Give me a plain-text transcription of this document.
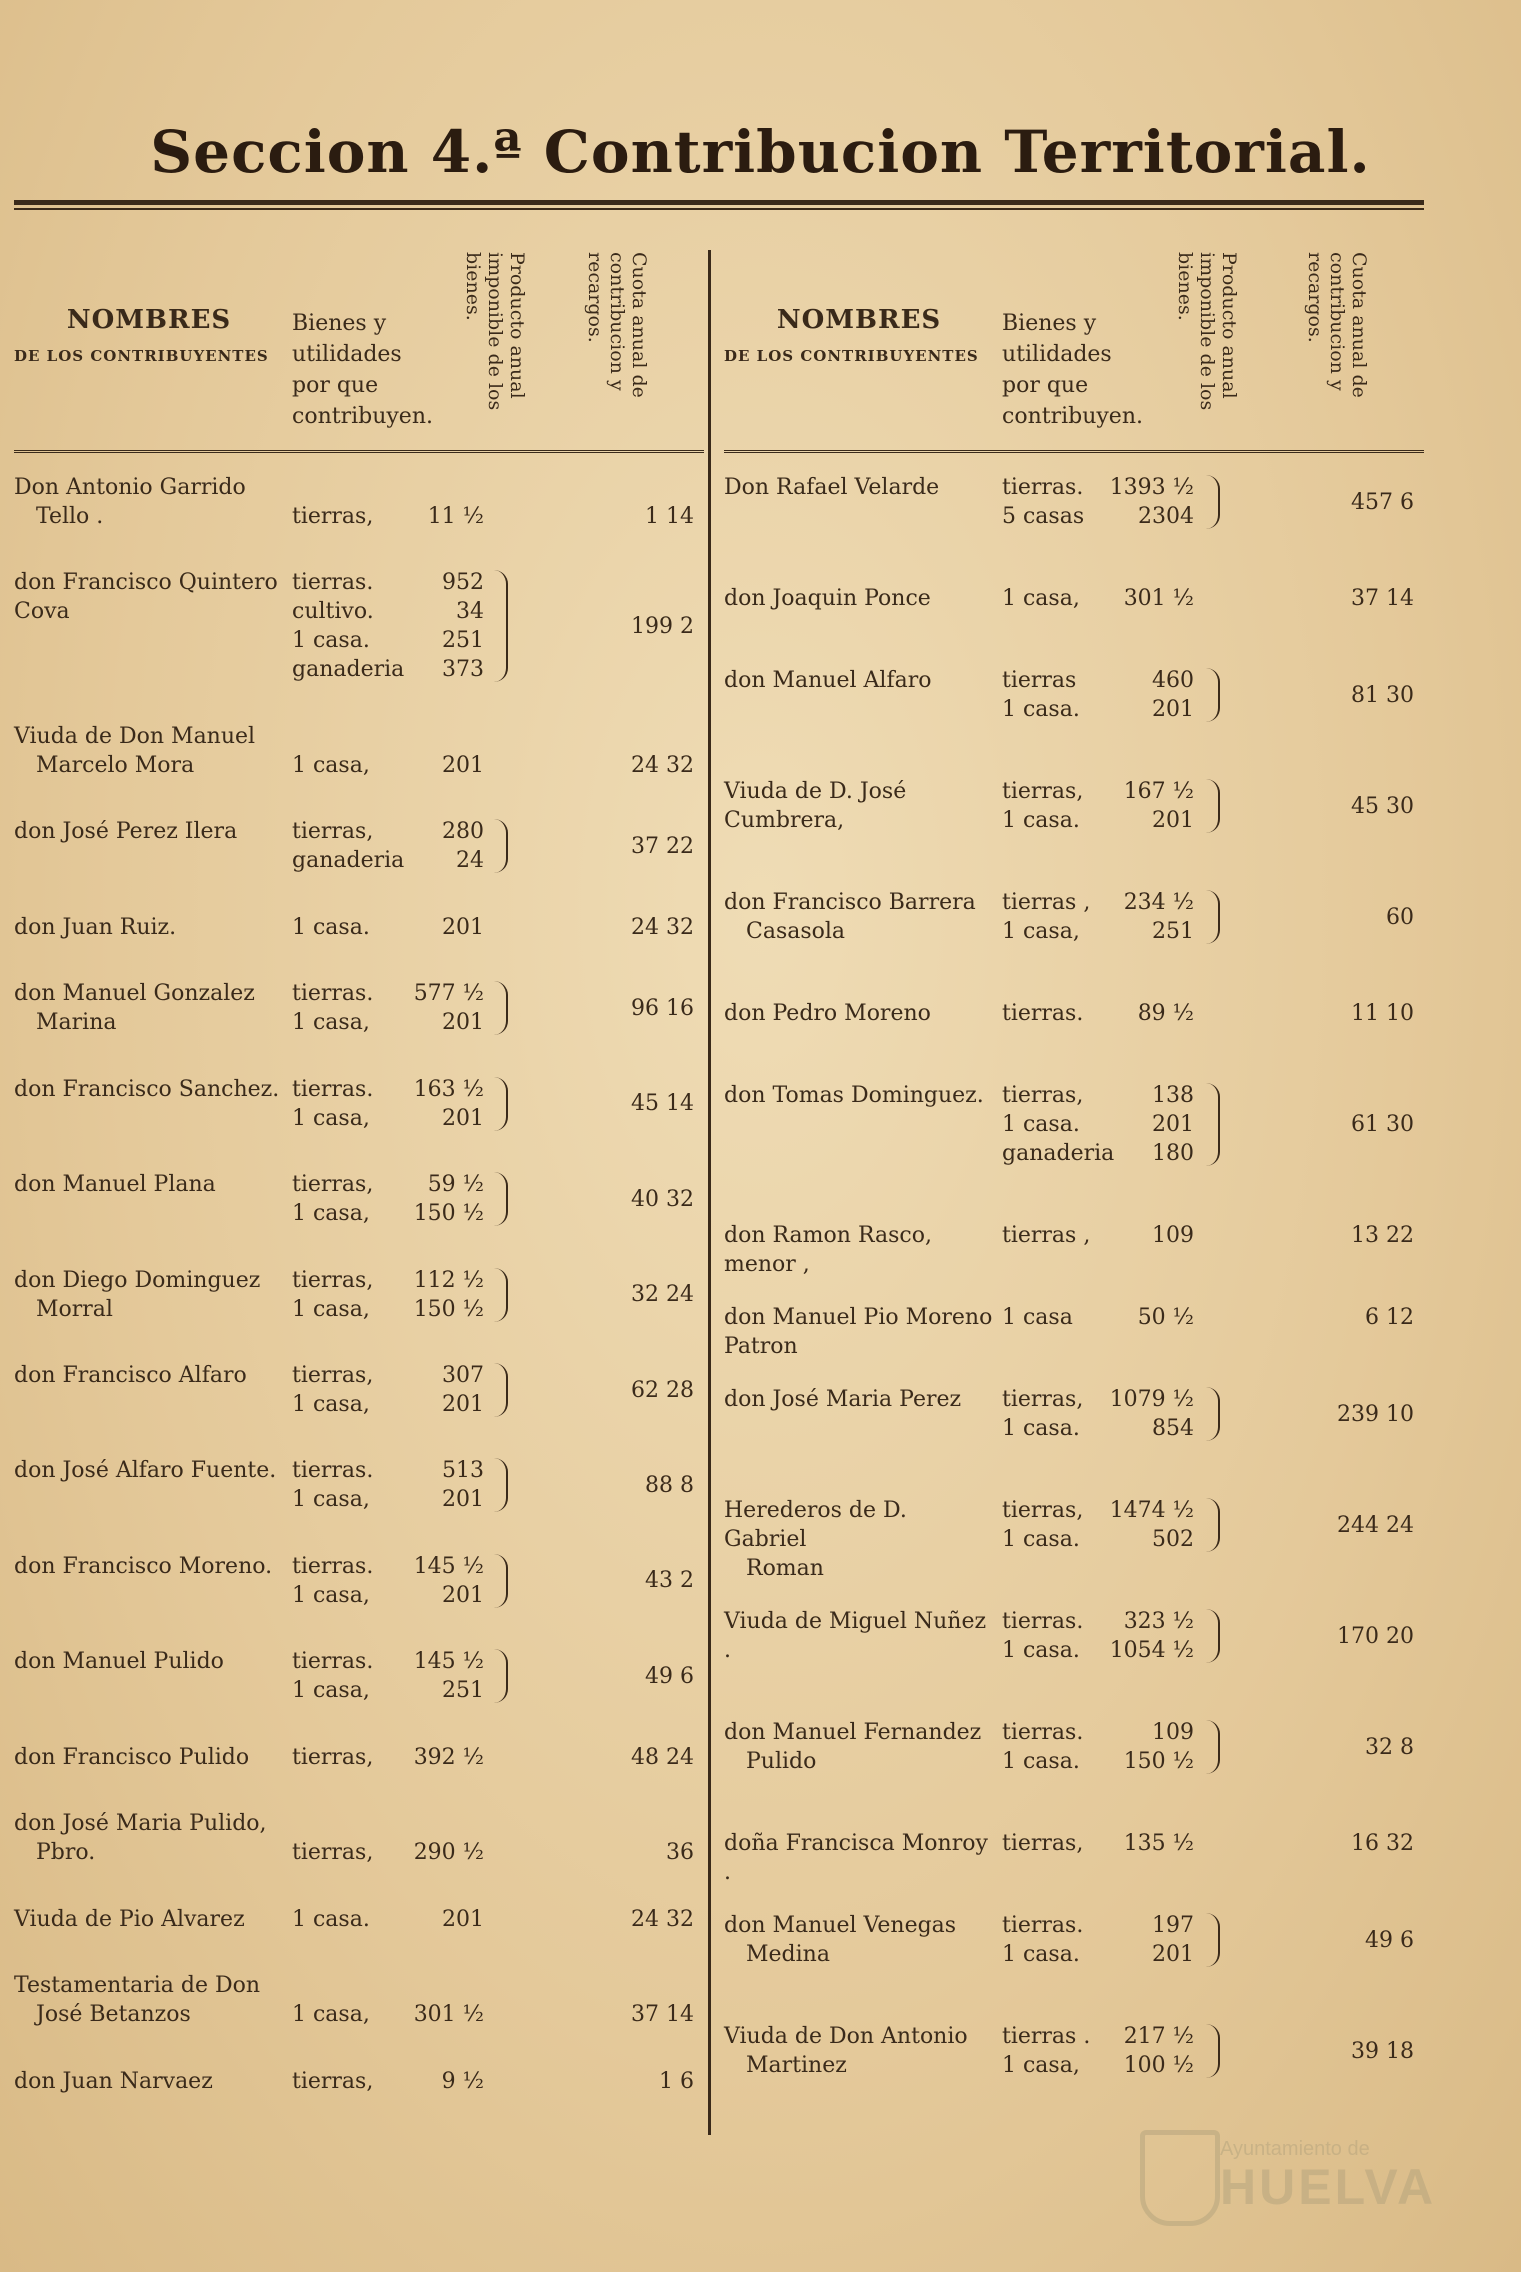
Seccion 4.ª Contribucion Territorial.
NOMBRES
DE LOS CONTRIBUYENTES
Bienes y utilidades por que contribuyen.
Producto anual imponible de los bienes.	Cuota anual de contribucion y recargos.
Don Antonio Garrido
Tello .	tierras,	11 ½	1 14
don Francisco Quintero Cova
tierras.	952
cultivo.	34
1 casa.	251
ganaderia	373
199 2
Viuda de Don Manuel
Marcelo Mora	1 casa,	201	24 32
don José Perez Ilera	tierras,	280
ganaderia	24
37 22
don Juan Ruiz.	1 casa.	201	24 32
don Manuel Gonzalez
Marina
tierras.	577 ½
1 casa,	201
96 16
don Francisco Sanchez. tierras.	163 ½
1 casa,	201
45 14
don Manuel Plana	tierras,	59 ½
1 casa,	150 ½
40 32
don Diego Dominguez
Morral
tierras,	112 ½
1 casa,	150 ½
32 24
don Francisco Alfaro	tierras,	307
1 casa,	201
62 28
don José Alfaro Fuente. tierras.	513
1 casa,	201
88 8
don Francisco Moreno. tierras.	145 ½
1 casa,	201
43 2
don Manuel Pulido	tierras.	145 ½
1 casa,	251
49 6
don Francisco Pulido	tierras,	392 ½	48 24
don José Maria Pulido,
Pbro.	tierras,	290 ½	36
Viuda de Pio Alvarez	1 casa.	201	24 32
Testamentaria de Don
José Betanzos	1 casa,	301 ½	37 14
don Juan Narvaez	tierras,	9 ½	1 6
NOMBRES
DE LOS CONTRIBUYENTES
Bienes y utilidades por que contribuyen.
Producto anual imponible de los bienes.	Cuota anual de contribucion y recargos.
Don Rafael Velarde	tierras.	1393 ½
5 casas	2304
457 6
don Joaquin Ponce	1 casa,	301 ½	37 14
don Manuel Alfaro	tierras	460
1 casa.	201
81 30
Viuda de D. José Cumbrera,
tierras,	167 ½
1 casa.	201
45 30
don Francisco Barrera
Casasola
tierras ,	234 ½
1 casa,	251
60
don Pedro Moreno	tierras.	89 ½	11 10
don Tomas Dominguez. tierras,	138
1 casa.	201
ganaderia	180
61 30
don Ramon Rasco, menor ,
tierras ,	109	13 22
don Manuel Pio Moreno Patron
1 casa	50 ½	6 12
don José Maria Perez	tierras,	1079 ½
1 casa.	854
239 10
Herederos de D. Gabriel
Roman
tierras,	1474 ½
1 casa.	502
244 24
Viuda de Miguel Nuñez .
tierras.	323 ½
1 casa.	1054 ½
170 20
don Manuel Fernandez
Pulido
tierras.	109
1 casa.	150 ½
32 8
doña Francisca Monroy .
tierras,	135 ½	16 32
don Manuel Venegas
Medina
tierras.	197
1 casa.	201
49 6
Viuda de Don Antonio
Martinez
tierras .	217 ½
1 casa,	100 ½
39 18
Ayuntamiento de
HUELVA
